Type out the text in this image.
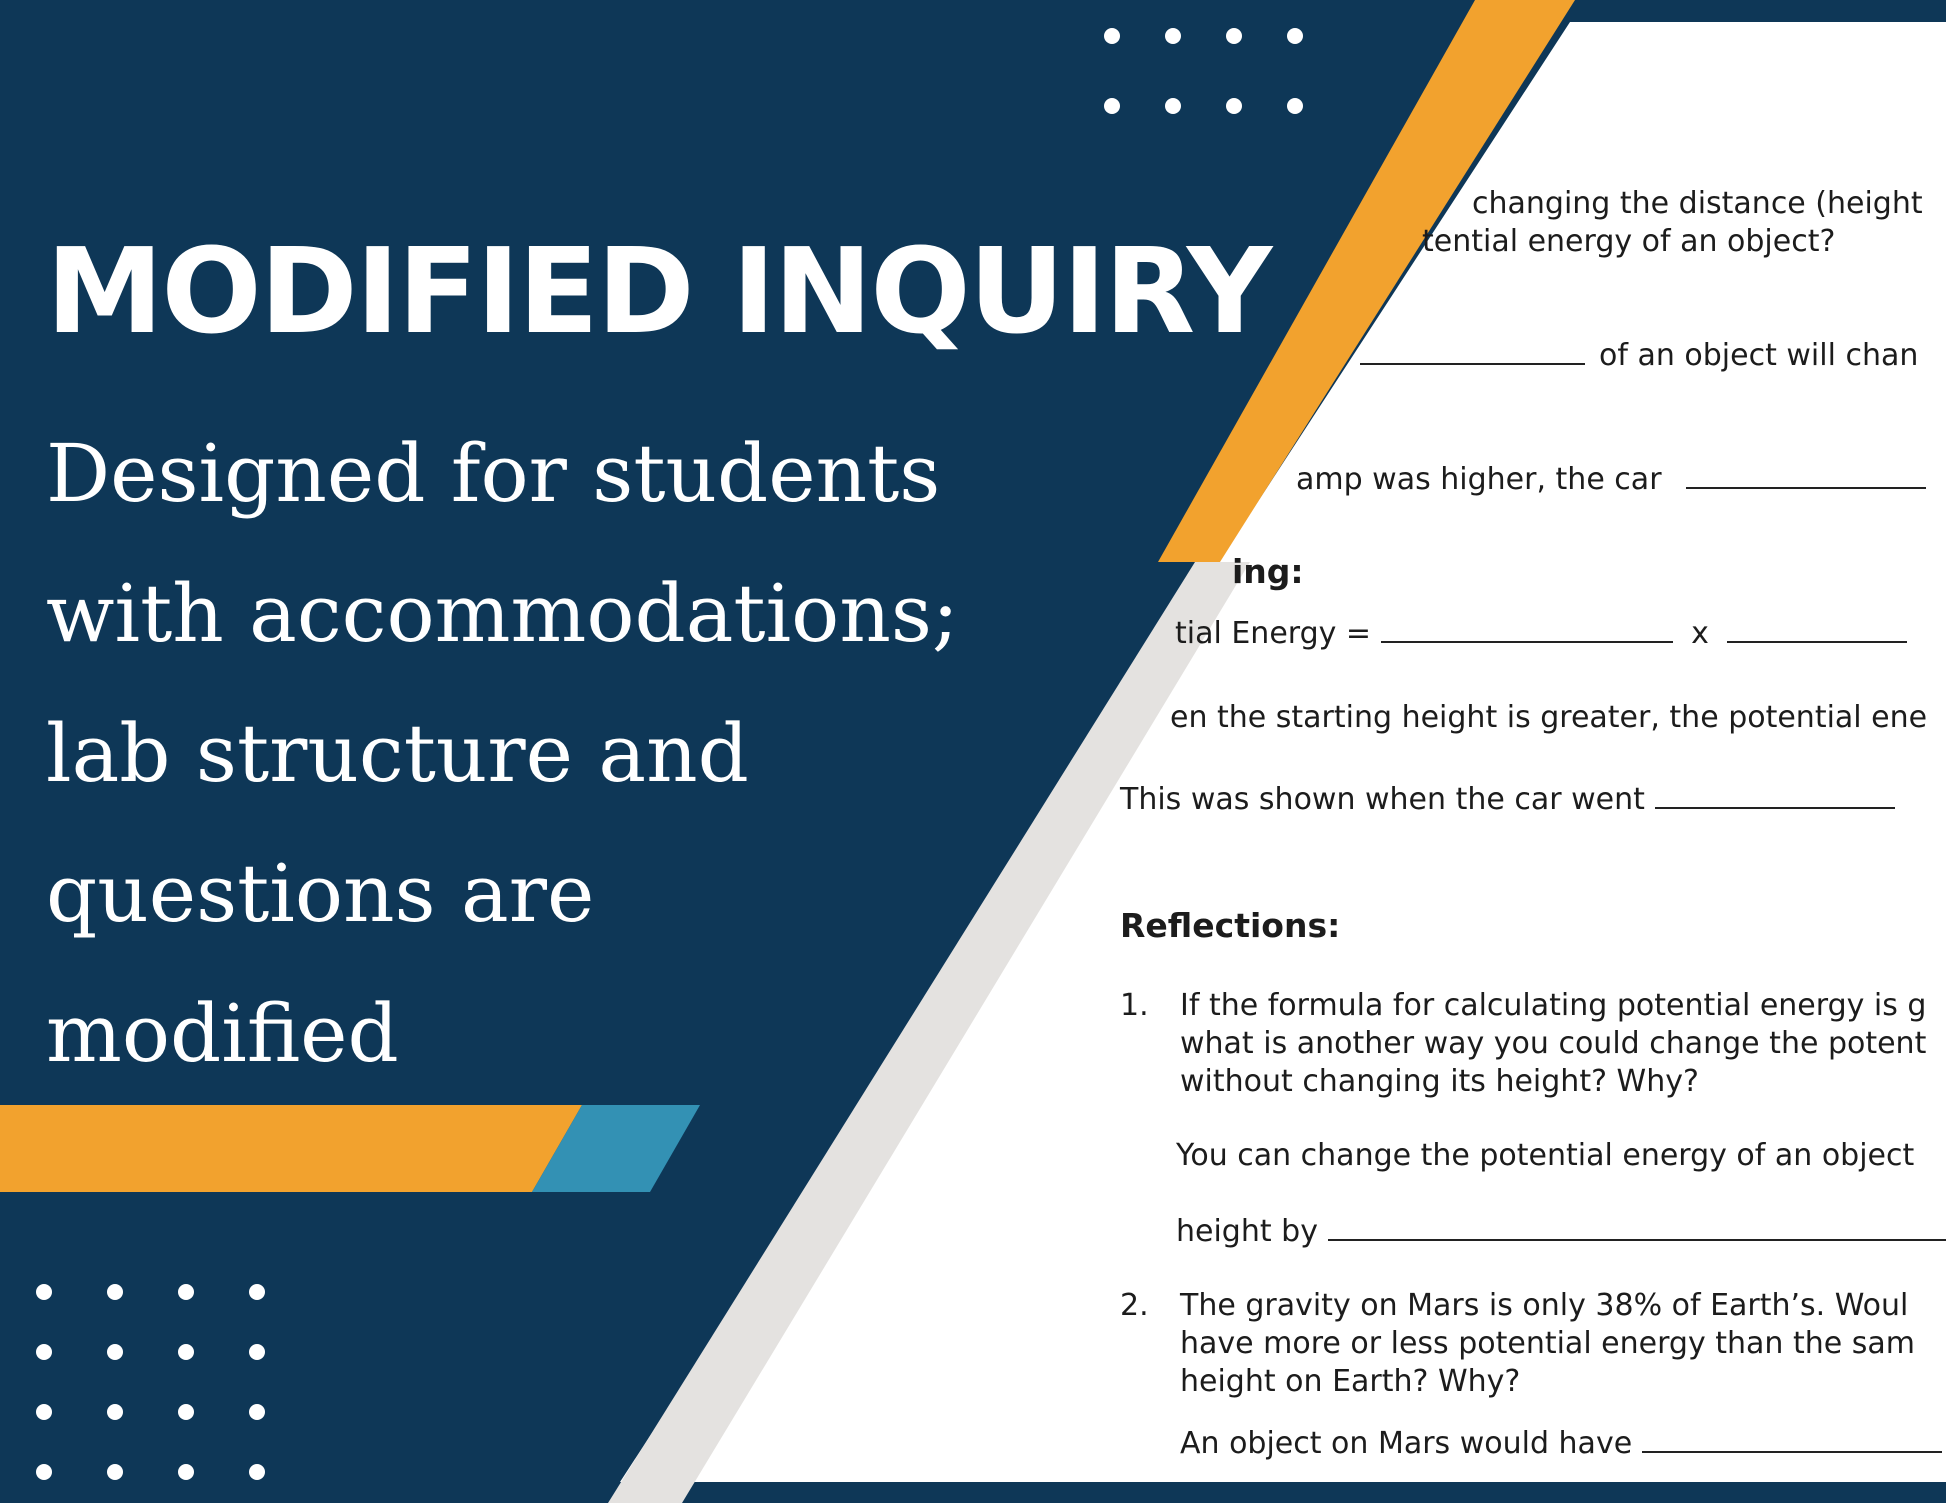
changing the distance (height
tential energy of an object?
of an object will chan
amp was higher, the car
ing:
tial Energy =	x
en the starting height is greater, the potential ene
This was shown when the car went
Reflections:
1. If the formula for calculating potential energy is g
what is another way you could change the potent
without changing its height? Why?
You can change the potential energy of an object
height by
2. The gravity on Mars is only 38% of Earth’s. Woul
have more or less potential energy than the sam
height on Earth? Why?
An object on Mars would have
MODIFIED INQUIRY
Designed for students
with accommodations;
lab structure and
questions are
modified
